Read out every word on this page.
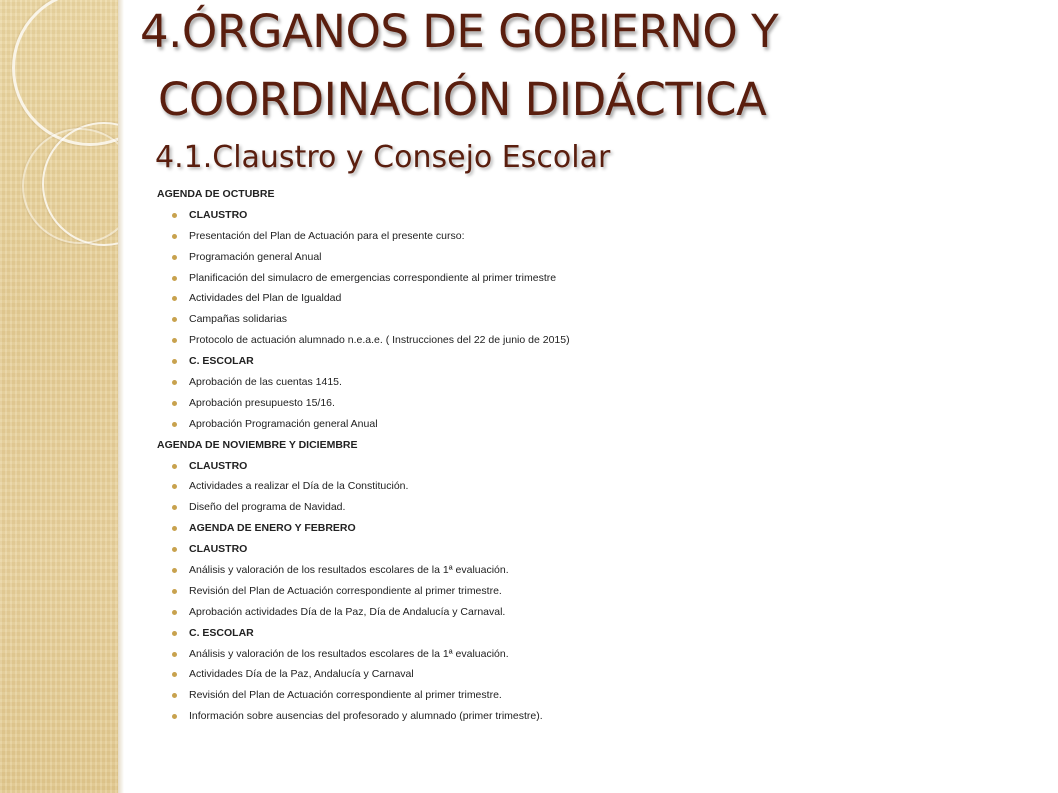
4.ÓRGANOS DE GOBIERNO Y
COORDINACIÓN DIDÁCTICA
4.1.Claustro y Consejo Escolar
AGENDA DE OCTUBRE
CLAUSTRO
Presentación del Plan de Actuación para el presente curso:
Programación general Anual
Planificación del simulacro de emergencias correspondiente al primer trimestre
Actividades del Plan de Igualdad
Campañas solidarias
Protocolo de actuación alumnado n.e.a.e. ( Instrucciones del 22 de junio de 2015)
C. ESCOLAR
Aprobación de las cuentas 1415.
Aprobación presupuesto 15/16.
Aprobación Programación general Anual
AGENDA DE NOVIEMBRE Y DICIEMBRE
CLAUSTRO
Actividades a realizar el Día de la Constitución.
Diseño del programa de Navidad.
AGENDA DE ENERO Y FEBRERO
CLAUSTRO
Análisis y valoración de los resultados escolares de la 1ª evaluación.
Revisión del Plan de Actuación correspondiente al primer trimestre.
Aprobación actividades Día de la Paz, Día de Andalucía y Carnaval.
C. ESCOLAR
Análisis y valoración de los resultados escolares de la 1ª evaluación.
Actividades Día de la Paz, Andalucía y Carnaval
Revisión del Plan de Actuación correspondiente al primer trimestre.
Información sobre ausencias del profesorado y alumnado (primer trimestre).
